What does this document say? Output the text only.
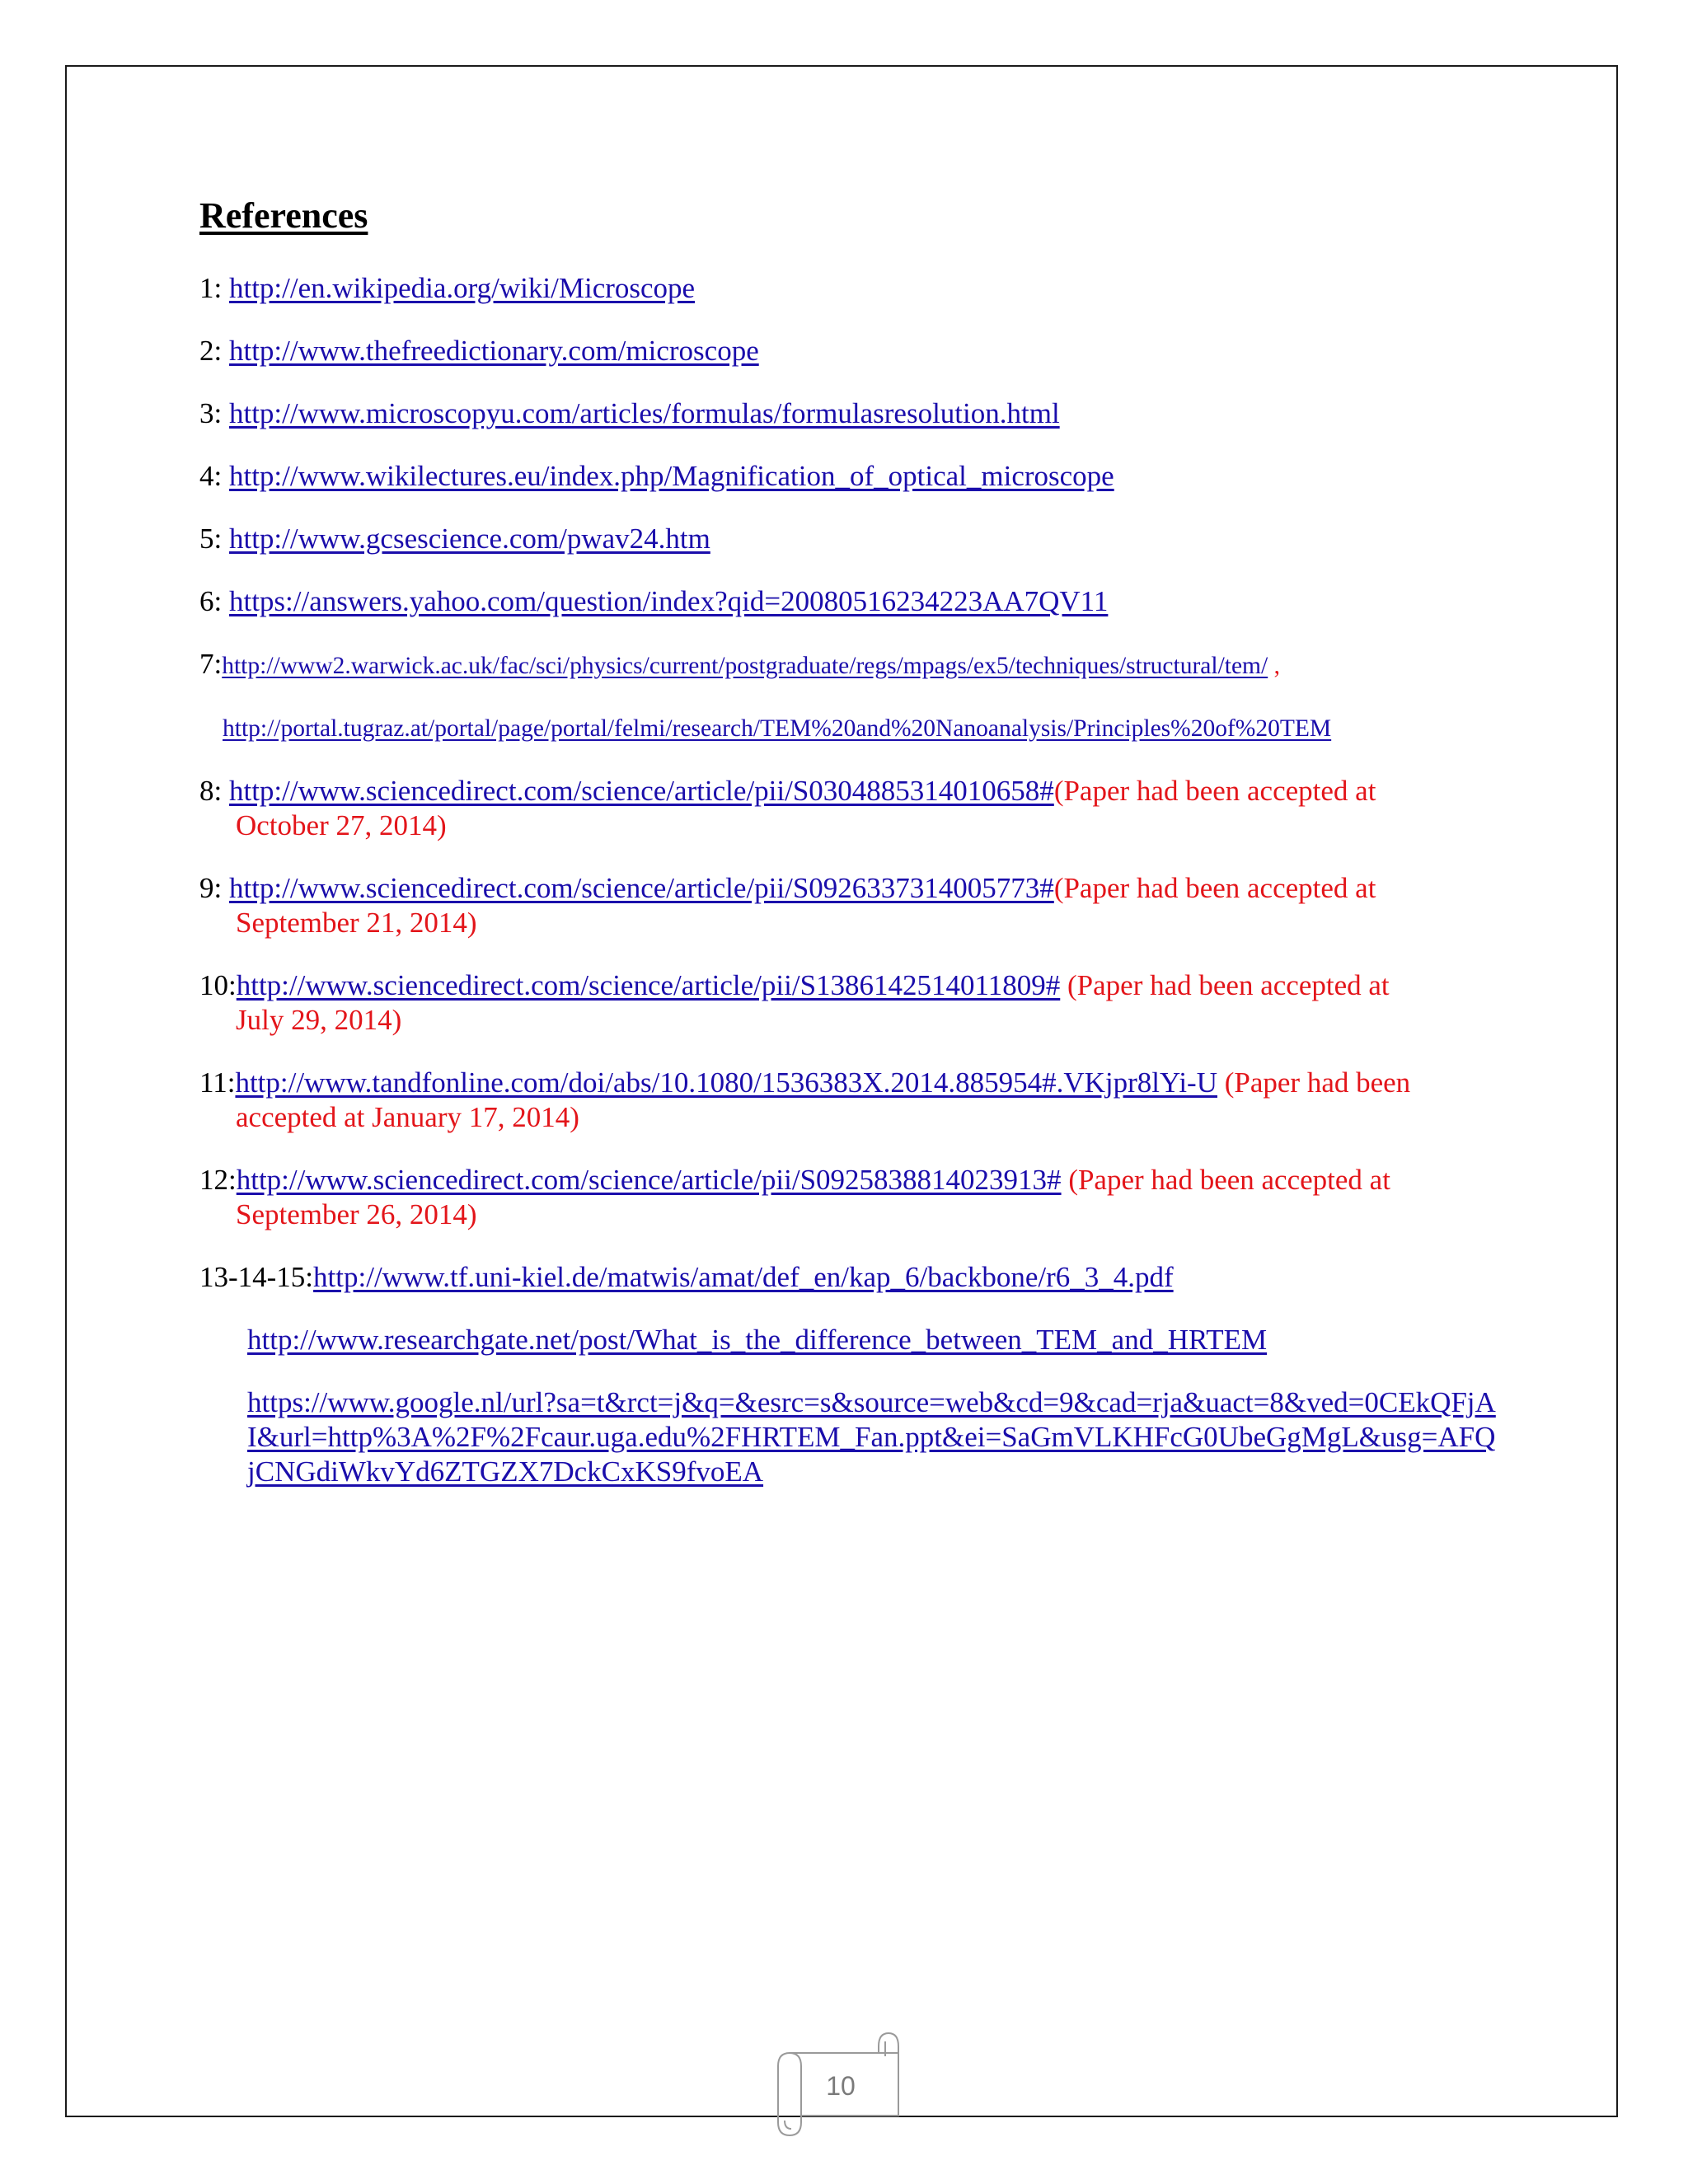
References
1: http://en.wikipedia.org/wiki/Microscope
2: http://www.thefreedictionary.com/microscope
3: http://www.microscopyu.com/articles/formulas/formulasresolution.html
4: http://www.wikilectures.eu/index.php/Magnification_of_optical_microscope
5: http://www.gcsescience.com/pwav24.htm
6: https://answers.yahoo.com/question/index?qid=20080516234223AA7QV11
7:http://www2.warwick.ac.uk/fac/sci/physics/current/postgraduate/regs/mpags/ex5/techniques/structural/tem/ ,
http://portal.tugraz.at/portal/page/portal/felmi/research/TEM%20and%20Nanoanalysis/Principles%20of%20TEM
8: http://www.sciencedirect.com/science/article/pii/S0304885314010658#(Paper had been accepted at
October 27, 2014)
9: http://www.sciencedirect.com/science/article/pii/S0926337314005773#(Paper had been accepted at
September 21, 2014)
10:http://www.sciencedirect.com/science/article/pii/S1386142514011809# (Paper had been accepted at
July 29, 2014)
11:http://www.tandfonline.com/doi/abs/10.1080/1536383X.2014.885954#.VKjpr8lYi-U (Paper had been
accepted at January 17, 2014)
12:http://www.sciencedirect.com/science/article/pii/S0925838814023913# (Paper had been accepted at
September 26, 2014)
13-14-15:http://www.tf.uni-kiel.de/matwis/amat/def_en/kap_6/backbone/r6_3_4.pdf
http://www.researchgate.net/post/What_is_the_difference_between_TEM_and_HRTEM
https://www.google.nl/url?sa=t&rct=j&q=&esrc=s&source=web&cd=9&cad=rja&uact=8&ved=0CEkQFjAI&url=http%3A%2F%2Fcaur.uga.edu%2FHRTEM_Fan.ppt&ei=SaGmVLKHFcG0UbeGgMgL&usg=AFQjCNGdiWkvYd6ZTGZX7DckCxKS9fvoEA
10
